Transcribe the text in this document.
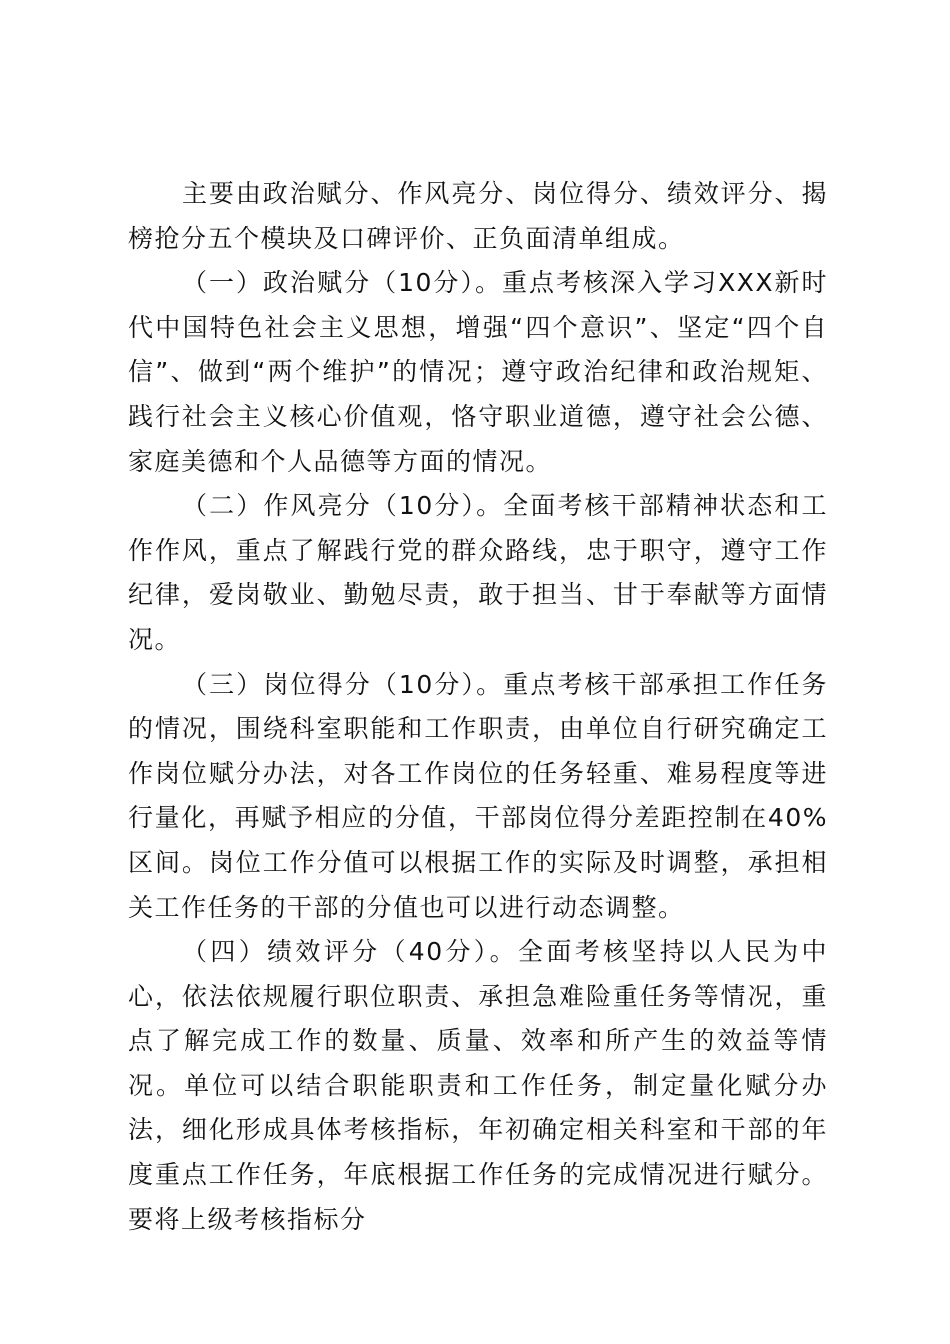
主要由政治赋分、作风亮分、岗位得分、绩效评分、揭榜抢分五个模块及口碑评价、正负面清单组成。

（一）政治赋分（10分）。重点考核深入学习XXX新时代中国特色社会主义思想，增强“四个意识”、坚定“四个自信”、做到“两个维护”的情况；遵守政治纪律和政治规矩、践行社会主义核心价值观，恪守职业道德，遵守社会公德、家庭美德和个人品德等方面的情况。

（二）作风亮分（10分）。全面考核干部精神状态和工作作风，重点了解践行党的群众路线，忠于职守，遵守工作纪律，爱岗敬业、勤勉尽责，敢于担当、甘于奉献等方面情况。

（三）岗位得分（10分）。重点考核干部承担工作任务的情况，围绕科室职能和工作职责，由单位自行研究确定工作岗位赋分办法，对各工作岗位的任务轻重、难易程度等进行量化，再赋予相应的分值，干部岗位得分差距控制在40%区间。岗位工作分值可以根据工作的实际及时调整，承担相关工作任务的干部的分值也可以进行动态调整。

（四）绩效评分（40分）。全面考核坚持以人民为中心，依法依规履行职位职责、承担急难险重任务等情况，重点了解完成工作的数量、质量、效率和所产生的效益等情况。单位可以结合职能职责和工作任务，制定量化赋分办法，细化形成具体考核指标，年初确定相关科室和干部的年度重点工作任务，年底根据工作任务的完成情况进行赋分。要将上级考核指标分
